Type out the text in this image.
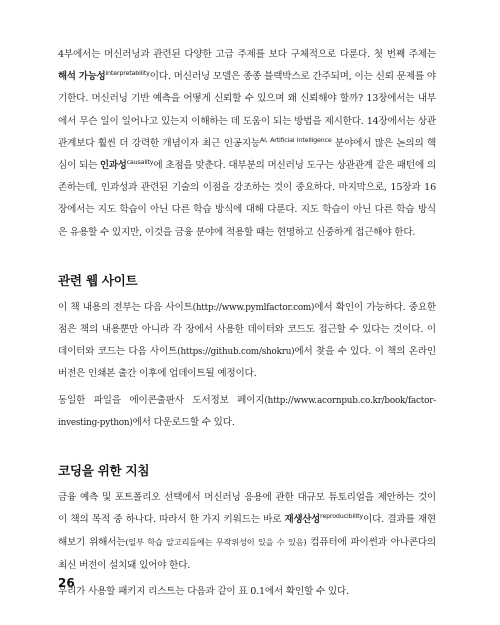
4부에서는 머신러닝과 관련된 다양한 고급 주제를 보다 구체적으로 다룬다. 첫 번째 주제는 해석 가능성$^{interpretability}$이다. 머신러닝 모델은 종종 블랙박스로 간주되며, 이는 신뢰 문제를 야기한다. 머신러닝 기반 예측을 어떻게 신뢰할 수 있으며 왜 신뢰해야 할까? 13장에서는 내부에서 무슨 일이 일어나고 있는지 이해하는 데 도움이 되는 방법을 제시한다. 14장에서는 상관관계보다 훨씬 더 강력한 개념이자 최근 인공지능$^{AI, Artificial Intelligence}$ 분야에서 많은 논의의 핵심이 되는 인과성$^{causality}$에 초점을 맞춘다. 대부분의 머신러닝 도구는 상관관계 같은 패턴에 의존하는데, 인과성과 관련된 기술의 이점을 강조하는 것이 중요하다. 마지막으로, 15장과 16장에서는 지도 학습이 아닌 다른 학습 방식에 대해 다룬다. 지도 학습이 아닌 다른 학습 방식은 유용할 수 있지만, 이것을 금융 분야에 적용할 때는 현명하고 신중하게 접근해야 한다.

관련 웹 사이트

이 책 내용의 전부는 다음 사이트(http://www.pymlfactor.com)에서 확인이 가능하다. 중요한 점은 책의 내용뿐만 아니라 각 장에서 사용한 데이터와 코드도 접근할 수 있다는 것이다. 이 데이터와 코드는 다음 사이트(https://github.com/shokru)에서 찾을 수 있다. 이 책의 온라인 버전은 인쇄본 출간 이후에 업데이트될 예정이다.

동일한 파일을 에이콘출판사 도서정보 페이지(http://www.acornpub.co.kr/book/factor-investing-python)에서 다운로드할 수 있다.

코딩을 위한 지침

금융 예측 및 포트폴리오 선택에서 머신러닝 응용에 관한 대규모 튜토리얼을 제안하는 것이 이 책의 목적 중 하나다. 따라서 한 가지 키워드는 바로 재생산성$^{reproducibility}$이다. 결과를 재현해보기 위해서는(일부 학습 알고리듬에는 무작위성이 있을 수 있음) 컴퓨터에 파이썬과 아나콘다의 최신 버전이 설치돼 있어야 한다.

우리가 사용할 패키지 리스트는 다음과 같이 표 0.1에서 확인할 수 있다.

26
